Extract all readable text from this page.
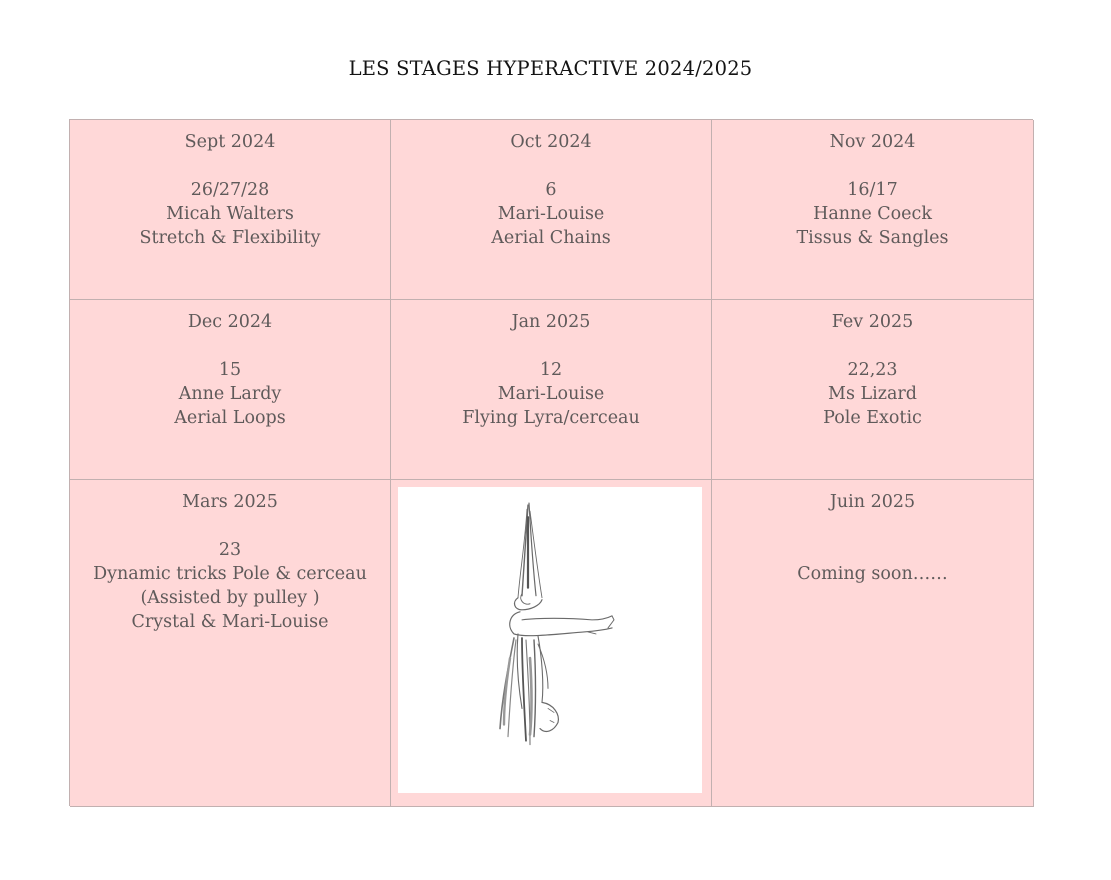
LES STAGES HYPERACTIVE 2024/2025
Sept 2024
26/27/28
Micah Walters
Stretch & Flexibility
Oct 2024
6
Mari-Louise
Aerial Chains
Nov 2024
16/17
Hanne Coeck
Tissus & Sangles
Dec 2024
15
Anne Lardy
Aerial Loops
Jan 2025
12
Mari-Louise
Flying Lyra/cerceau
Fev 2025
22,23
Ms Lizard
Pole Exotic
Mars 2025
23
Dynamic tricks Pole & cerceau
(Assisted by pulley )
Crystal & Mari-Louise
Juin 2025
Coming soon……
